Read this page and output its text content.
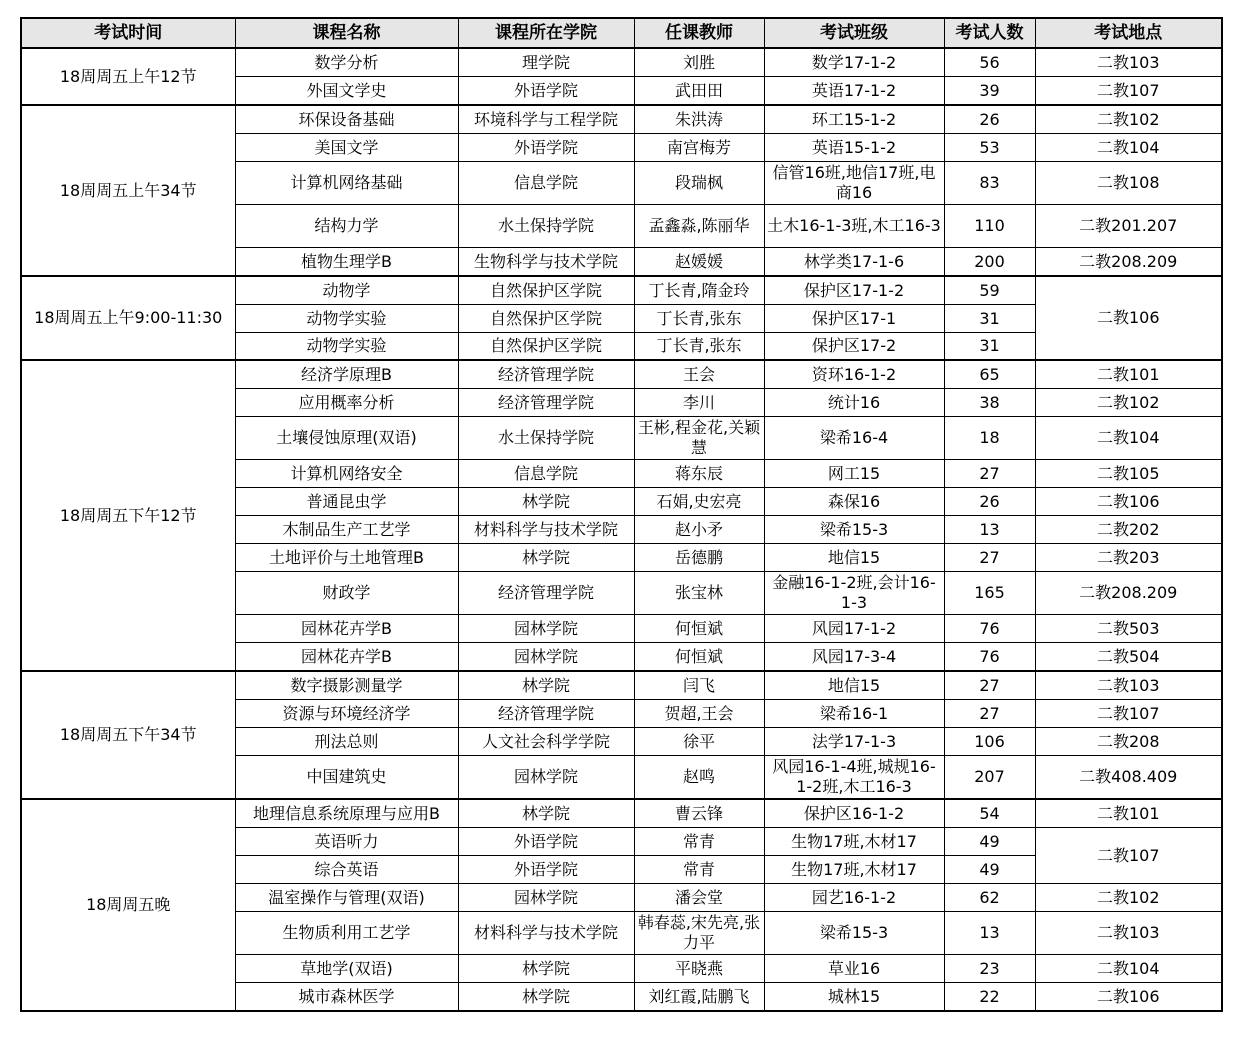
考试时间	课程名称	课程所在学院	任课教师	考试班级	考试人数	考试地点
18周周五上午12节	数学分析	理学院	刘胜	数学17-1-2	56	二教103
	外国文学史	外语学院	武田田	英语17-1-2	39	二教107
18周周五上午34节	环保设备基础	环境科学与工程学院	朱洪涛	环工15-1-2	26	二教102
	美国文学	外语学院	南宫梅芳	英语15-1-2	53	二教104
	计算机网络基础	信息学院	段瑞枫	信管16班,地信17班,电商16	83	二教108
	结构力学	水土保持学院	孟鑫淼,陈丽华	土木16-1-3班,木工16-3	110	二教201.207
	植物生理学B	生物科学与技术学院	赵媛媛	林学类17-1-6	200	二教208.209
18周周五上午9:00-11:30	动物学	自然保护区学院	丁长青,隋金玲	保护区17-1-2	59	二教106
	动物学实验	自然保护区学院	丁长青,张东	保护区17-1	31	
	动物学实验	自然保护区学院	丁长青,张东	保护区17-2	31	
18周周五下午12节	经济学原理B	经济管理学院	王会	资环16-1-2	65	二教101
	应用概率分析	经济管理学院	李川	统计16	38	二教102
	土壤侵蚀原理(双语)	水土保持学院	王彬,程金花,关颖慧	梁希16-4	18	二教104
	计算机网络安全	信息学院	蒋东辰	网工15	27	二教105
	普通昆虫学	林学院	石娟,史宏亮	森保16	26	二教106
	木制品生产工艺学	材料科学与技术学院	赵小矛	梁希15-3	13	二教202
	土地评价与土地管理B	林学院	岳德鹏	地信15	27	二教203
	财政学	经济管理学院	张宝林	金融16-1-2班,会计16-1-3	165	二教208.209
	园林花卉学B	园林学院	何恒斌	风园17-1-2	76	二教503
	园林花卉学B	园林学院	何恒斌	风园17-3-4	76	二教504
18周周五下午34节	数字摄影测量学	林学院	闫飞	地信15	27	二教103
	资源与环境经济学	经济管理学院	贺超,王会	梁希16-1	27	二教107
	刑法总则	人文社会科学学院	徐平	法学17-1-3	106	二教208
	中国建筑史	园林学院	赵鸣	风园16-1-4班,城规16-1-2班,木工16-3	207	二教408.409
18周周五晚	地理信息系统原理与应用B	林学院	曹云锋	保护区16-1-2	54	二教101
	英语听力	外语学院	常青	生物17班,木材17	49	二教107
	综合英语	外语学院	常青	生物17班,木材17	49	
	温室操作与管理(双语)	园林学院	潘会堂	园艺16-1-2	62	二教102
	生物质利用工艺学	材料科学与技术学院	韩春蕊,宋先亮,张力平	梁希15-3	13	二教103
	草地学(双语)	林学院	平晓燕	草业16	23	二教104
	城市森林医学	林学院	刘红霞,陆鹏飞	城林15	22	二教106
